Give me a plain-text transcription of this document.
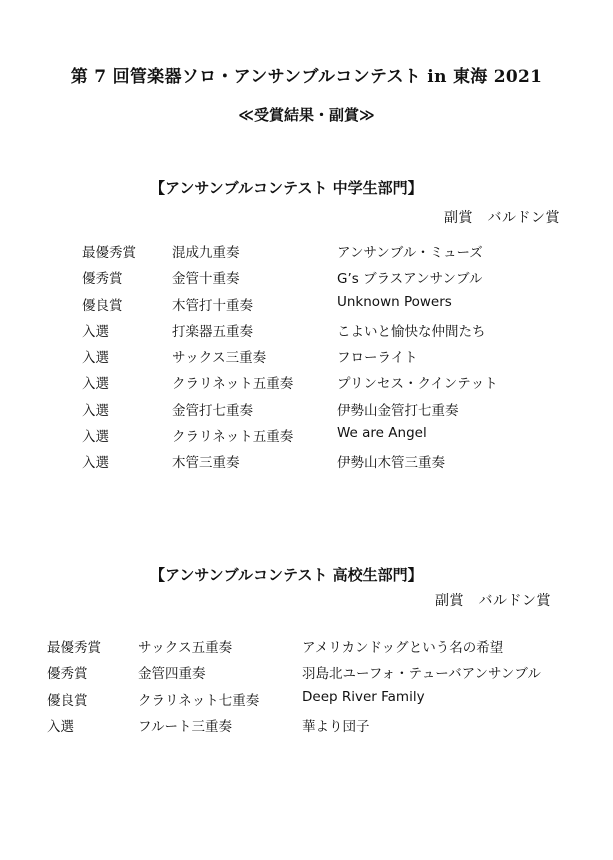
第 7 回管楽器ソロ・アンサンブルコンテスト in 東海 2021
≪受賞結果・副賞≫
【アンサンブルコンテスト 中学生部門】
副賞　バルドン賞
最優秀賞	混成九重奏	アンサンブル・ミューズ
優秀賞	金管十重奏	G’s ブラスアンサンブル
優良賞	木管打十重奏	Unknown Powers
入選	打楽器五重奏	こよいと愉快な仲間たち
入選	サックス三重奏	フローライト
入選	クラリネット五重奏	プリンセス・クインテット
入選	金管打七重奏	伊勢山金管打七重奏
入選	クラリネット五重奏	We are Angel
入選	木管三重奏	伊勢山木管三重奏
【アンサンブルコンテスト 高校生部門】
副賞　バルドン賞
最優秀賞	サックス五重奏	アメリカンドッグという名の希望
優秀賞	金管四重奏	羽島北ユーフォ・テューバアンサンブル
優良賞	クラリネット七重奏	Deep River Family
入選	フルート三重奏	華より団子
